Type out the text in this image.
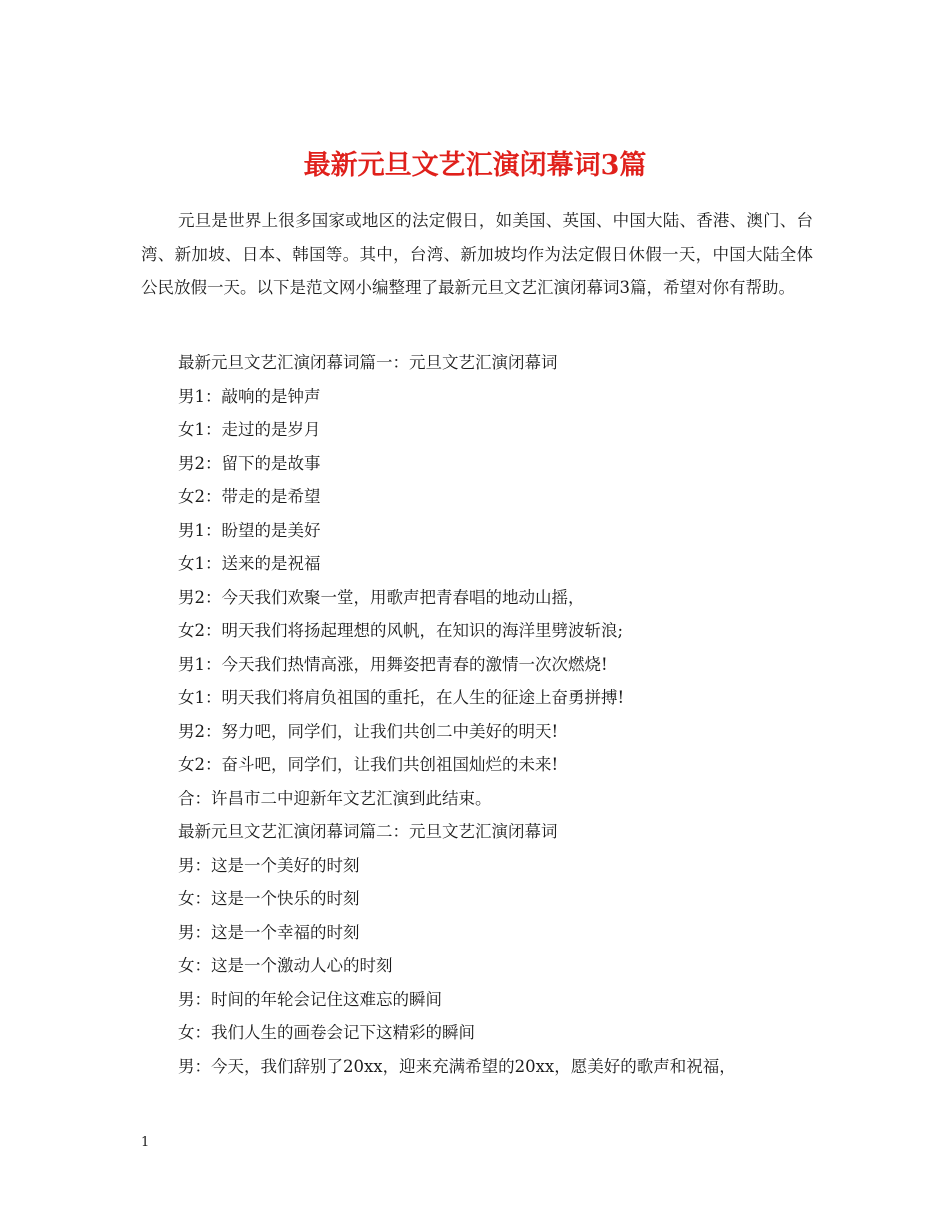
最新元旦文艺汇演闭幕词3篇

元旦是世界上很多国家或地区的法定假日，如美国、英国、中国大陆、香港、澳门、台湾、新加坡、日本、韩国等。其中，台湾、新加坡均作为法定假日休假一天，中国大陆全体公民放假一天。以下是范文网小编整理了最新元旦文艺汇演闭幕词3篇，希望对你有帮助。

最新元旦文艺汇演闭幕词篇一：元旦文艺汇演闭幕词
男1：敲响的是钟声
女1：走过的是岁月
男2：留下的是故事
女2：带走的是希望
男1：盼望的是美好
女1：送来的是祝福
男2：今天我们欢聚一堂，用歌声把青春唱的地动山摇，
女2：明天我们将扬起理想的风帆，在知识的海洋里劈波斩浪;
男1：今天我们热情高涨，用舞姿把青春的激情一次次燃烧!
女1：明天我们将肩负祖国的重托，在人生的征途上奋勇拼搏!
男2：努力吧，同学们，让我们共创二中美好的明天!
女2：奋斗吧，同学们，让我们共创祖国灿烂的未来!
合：许昌市二中迎新年文艺汇演到此结束。
最新元旦文艺汇演闭幕词篇二：元旦文艺汇演闭幕词
男：这是一个美好的时刻
女：这是一个快乐的时刻
男：这是一个幸福的时刻
女：这是一个激动人心的时刻
男：时间的年轮会记住这难忘的瞬间
女：我们人生的画卷会记下这精彩的瞬间
男：今天，我们辞别了20xx，迎来充满希望的20xx，愿美好的歌声和祝福，
1
